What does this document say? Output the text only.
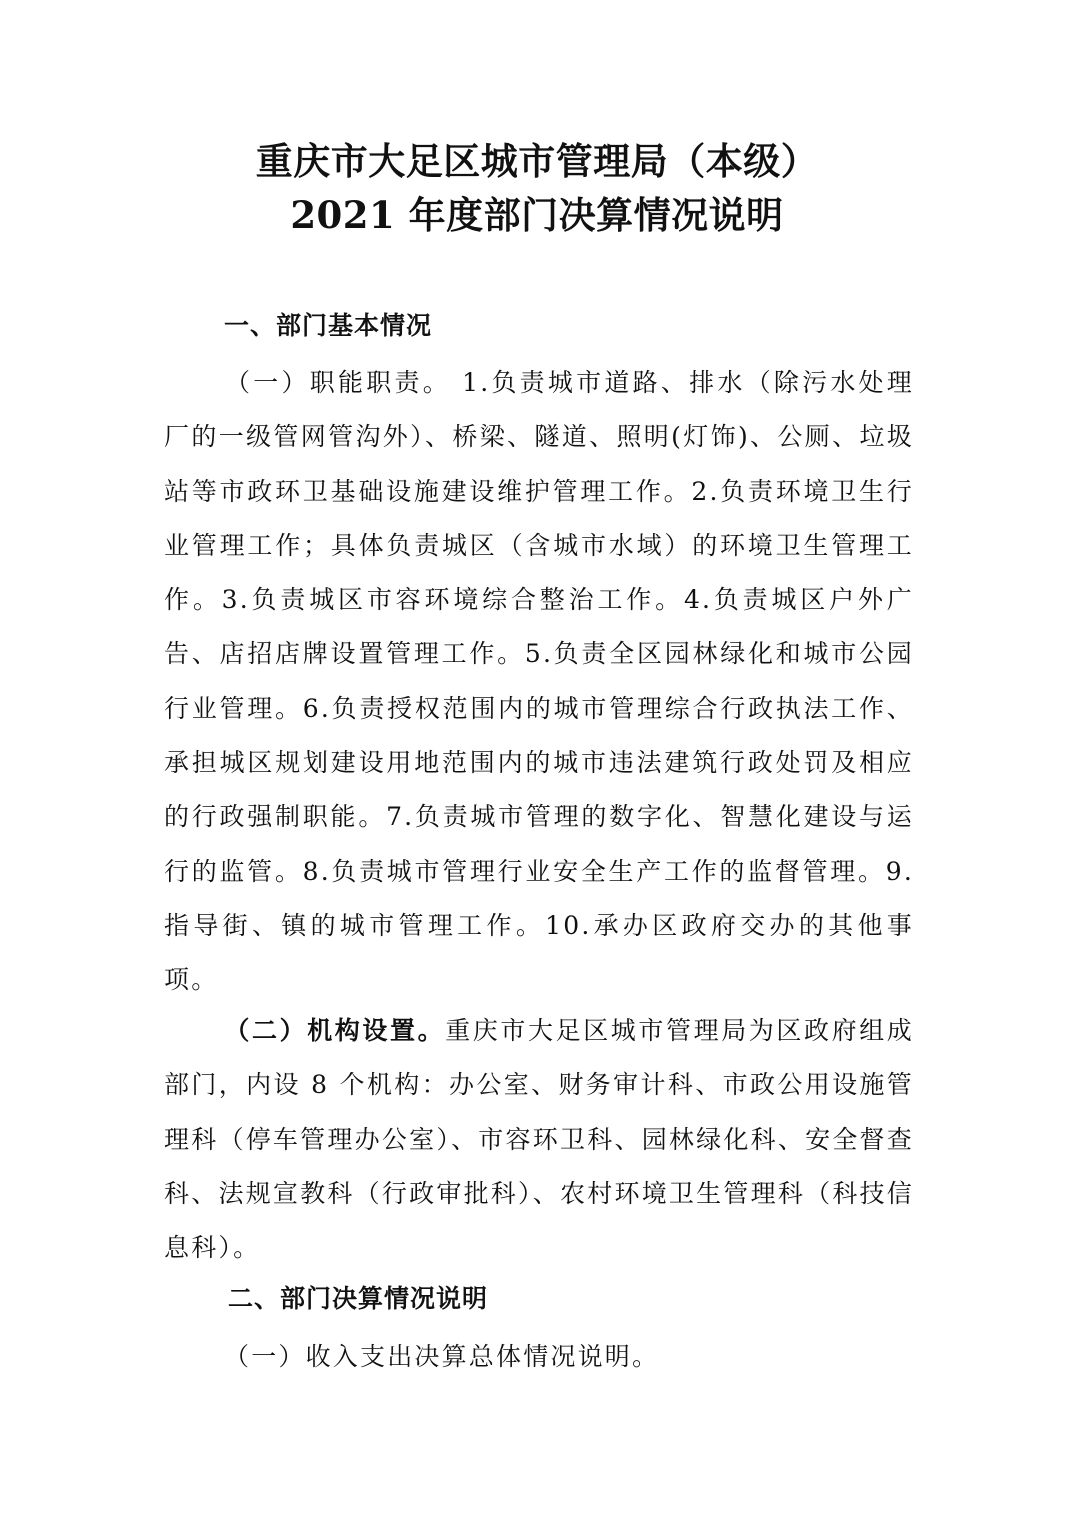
重庆市大足区城市管理局（本级）
2021 年度部门决算情况说明
一、部门基本情况
（一）职能职责。 1.负责城市道路、排水（除污水处理厂的一级管网管沟外）、桥梁、隧道、照明(灯饰)、公厕、垃圾站等市政环卫基础设施建设维护管理工作。2.负责环境卫生行业管理工作；具体负责城区（含城市水域）的环境卫生管理工作。3.负责城区市容环境综合整治工作。4.负责城区户外广告、店招店牌设置管理工作。5.负责全区园林绿化和城市公园行业管理。6.负责授权范围内的城市管理综合行政执法工作、承担城区规划建设用地范围内的城市违法建筑行政处罚及相应的行政强制职能。7.负责城市管理的数字化、智慧化建设与运行的监管。8.负责城市管理行业安全生产工作的监督管理。9.指导街、镇的城市管理工作。10.承办区政府交办的其他事项。
（二）机构设置。重庆市大足区城市管理局为区政府组成部门，内设 8 个机构：办公室、财务审计科、市政公用设施管理科（停车管理办公室）、市容环卫科、园林绿化科、安全督查科、法规宣教科（行政审批科）、农村环境卫生管理科（科技信息科）。
二、部门决算情况说明
（一）收入支出决算总体情况说明。
